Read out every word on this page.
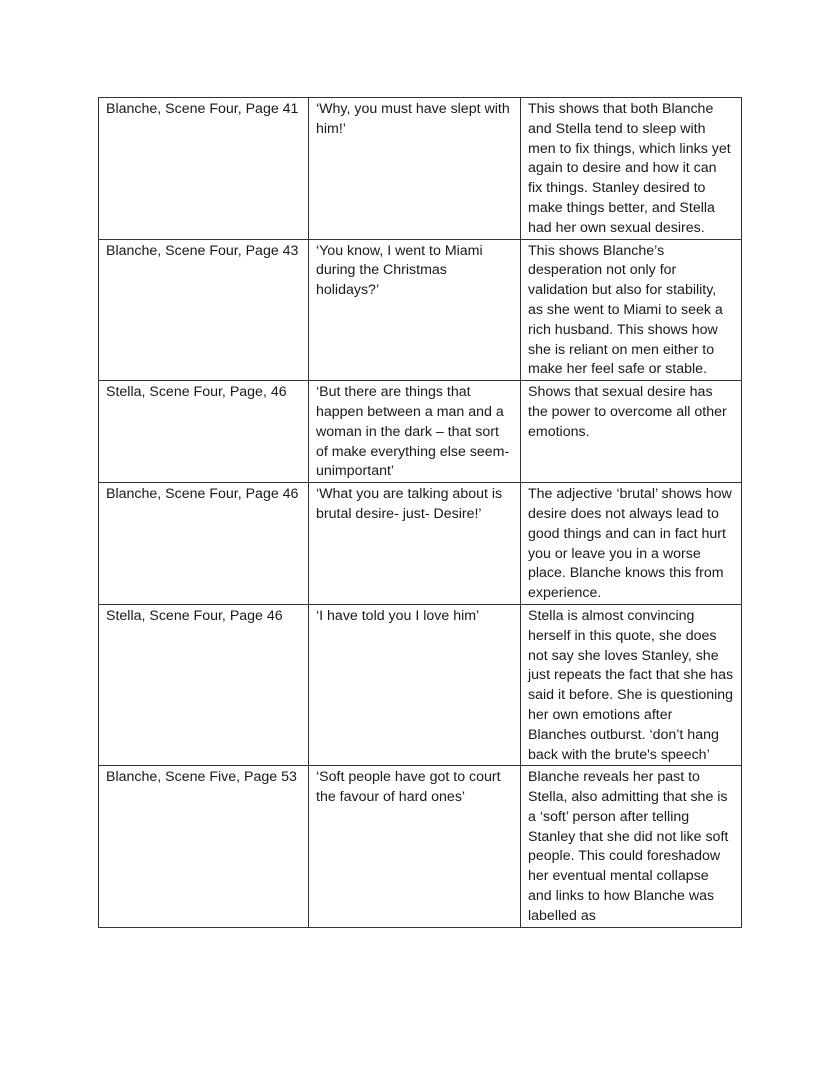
Blanche, Scene Four, Page 41	‘Why, you must have slept with him!’	This shows that both Blanche and Stella tend to sleep with men to fix things, which links yet again to desire and how it can fix things. Stanley desired to make things better, and Stella had her own sexual desires.
Blanche, Scene Four, Page 43	‘You know, I went to Miami during the Christmas holidays?’	This shows Blanche’s desperation not only for validation but also for stability, as she went to Miami to seek a rich husband. This shows how she is reliant on men either to make her feel safe or stable.
Stella, Scene Four, Page, 46	‘But there are things that happen between a man and a woman in the dark – that sort of make everything else seem-unimportant’	Shows that sexual desire has the power to overcome all other emotions.
Blanche, Scene Four, Page 46	‘What you are talking about is brutal desire- just- Desire!’	The adjective ‘brutal’ shows how desire does not always lead to good things and can in fact hurt you or leave you in a worse place. Blanche knows this from experience.
Stella, Scene Four, Page 46	‘I have told you I love him’	Stella is almost convincing herself in this quote, she does not say she loves Stanley, she just repeats the fact that she has said it before. She is questioning her own emotions after Blanches outburst. ‘don’t hang back with the brute's speech’
Blanche, Scene Five, Page 53	‘Soft people have got to court the favour of hard ones’	Blanche reveals her past to Stella, also admitting that she is a ‘soft’ person after telling Stanley that she did not like soft people. This could foreshadow her eventual mental collapse and links to how Blanche was labelled as
